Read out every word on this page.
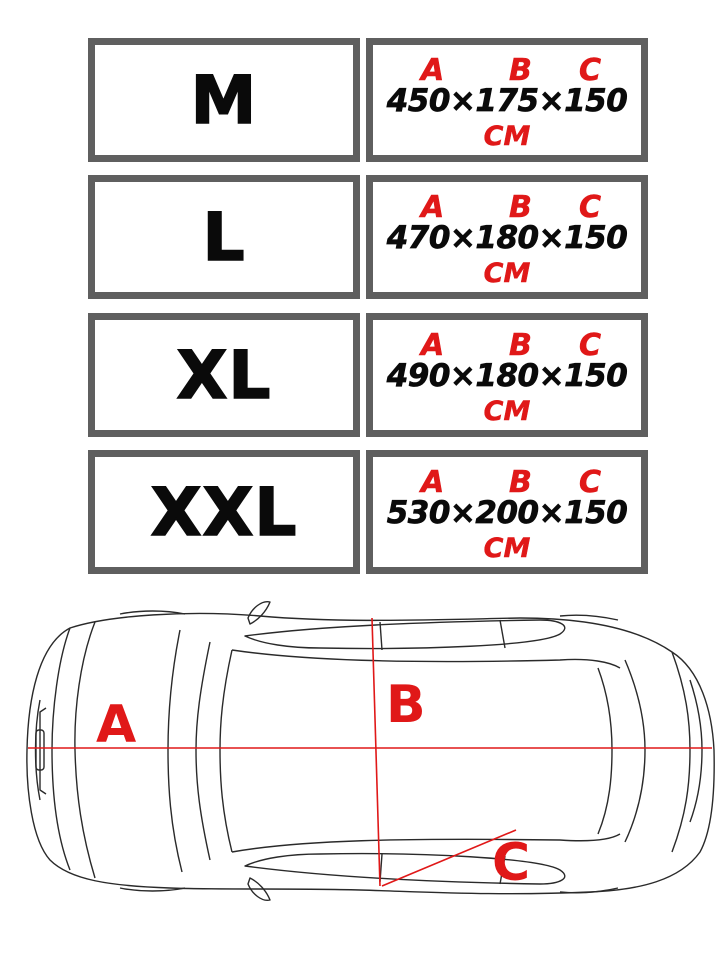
M	A B C
450×175×150
СМ
L	A B C
470×180×150
СМ
XL	A B C
490×180×150
СМ
XXL	A B C
530×200×150
СМ
A	B
C
